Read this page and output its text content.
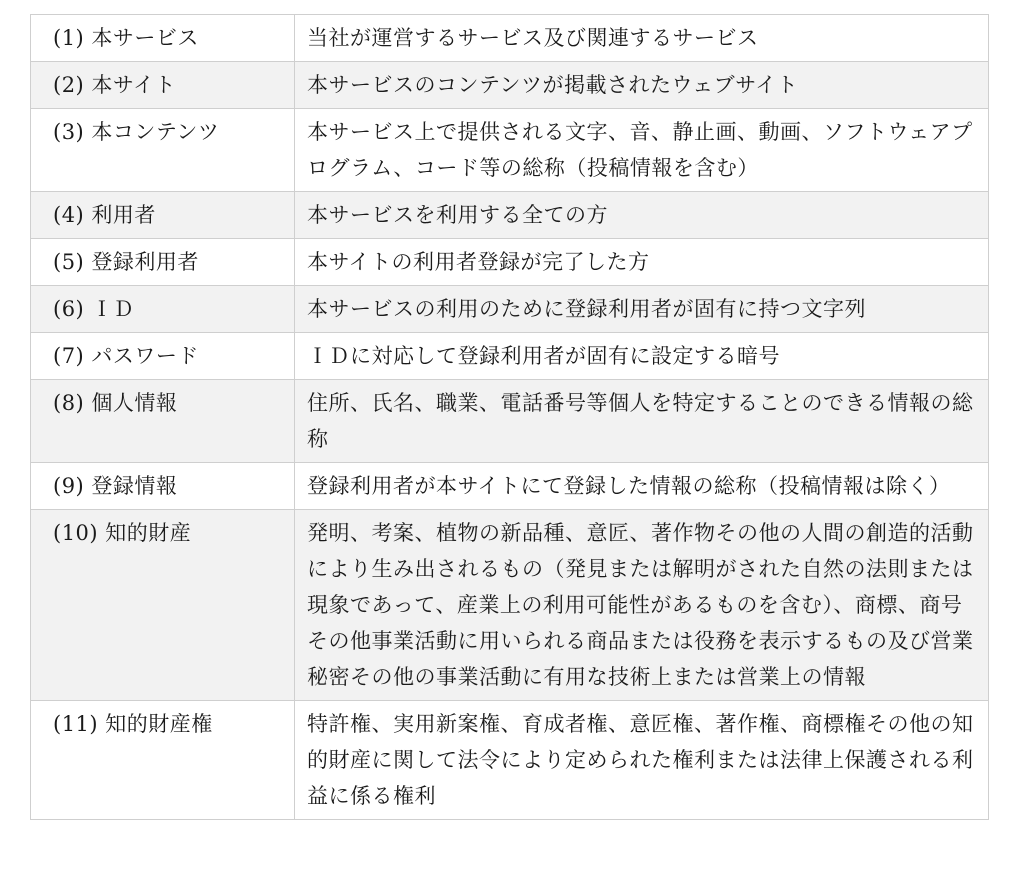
(1) 本サービス	当社が運営するサービス及び関連するサービス
(2) 本サイト	本サービスのコンテンツが掲載されたウェブサイト
(3) 本コンテンツ	本サービス上で提供される文字、音、静止画、動画、ソフトウェアプログラム、コード等の総称（投稿情報を含む）
(4) 利用者	本サービスを利用する全ての方
(5) 登録利用者	本サイトの利用者登録が完了した方
(6) ＩＤ	本サービスの利用のために登録利用者が固有に持つ文字列
(7) パスワード	ＩＤに対応して登録利用者が固有に設定する暗号
(8) 個人情報	住所、氏名、職業、電話番号等個人を特定することのできる情報の総称
(9) 登録情報	登録利用者が本サイトにて登録した情報の総称（投稿情報は除く）
(10) 知的財産	発明、考案、植物の新品種、意匠、著作物その他の人間の創造的活動により生み出されるもの（発見または解明がされた自然の法則または現象であって、産業上の利用可能性があるものを含む）、商標、商号その他事業活動に用いられる商品または役務を表示するもの及び営業秘密その他の事業活動に有用な技術上または営業上の情報
(11) 知的財産権	特許権、実用新案権、育成者権、意匠権、著作権、商標権その他の知的財産に関して法令により定められた権利または法律上保護される利益に係る権利
